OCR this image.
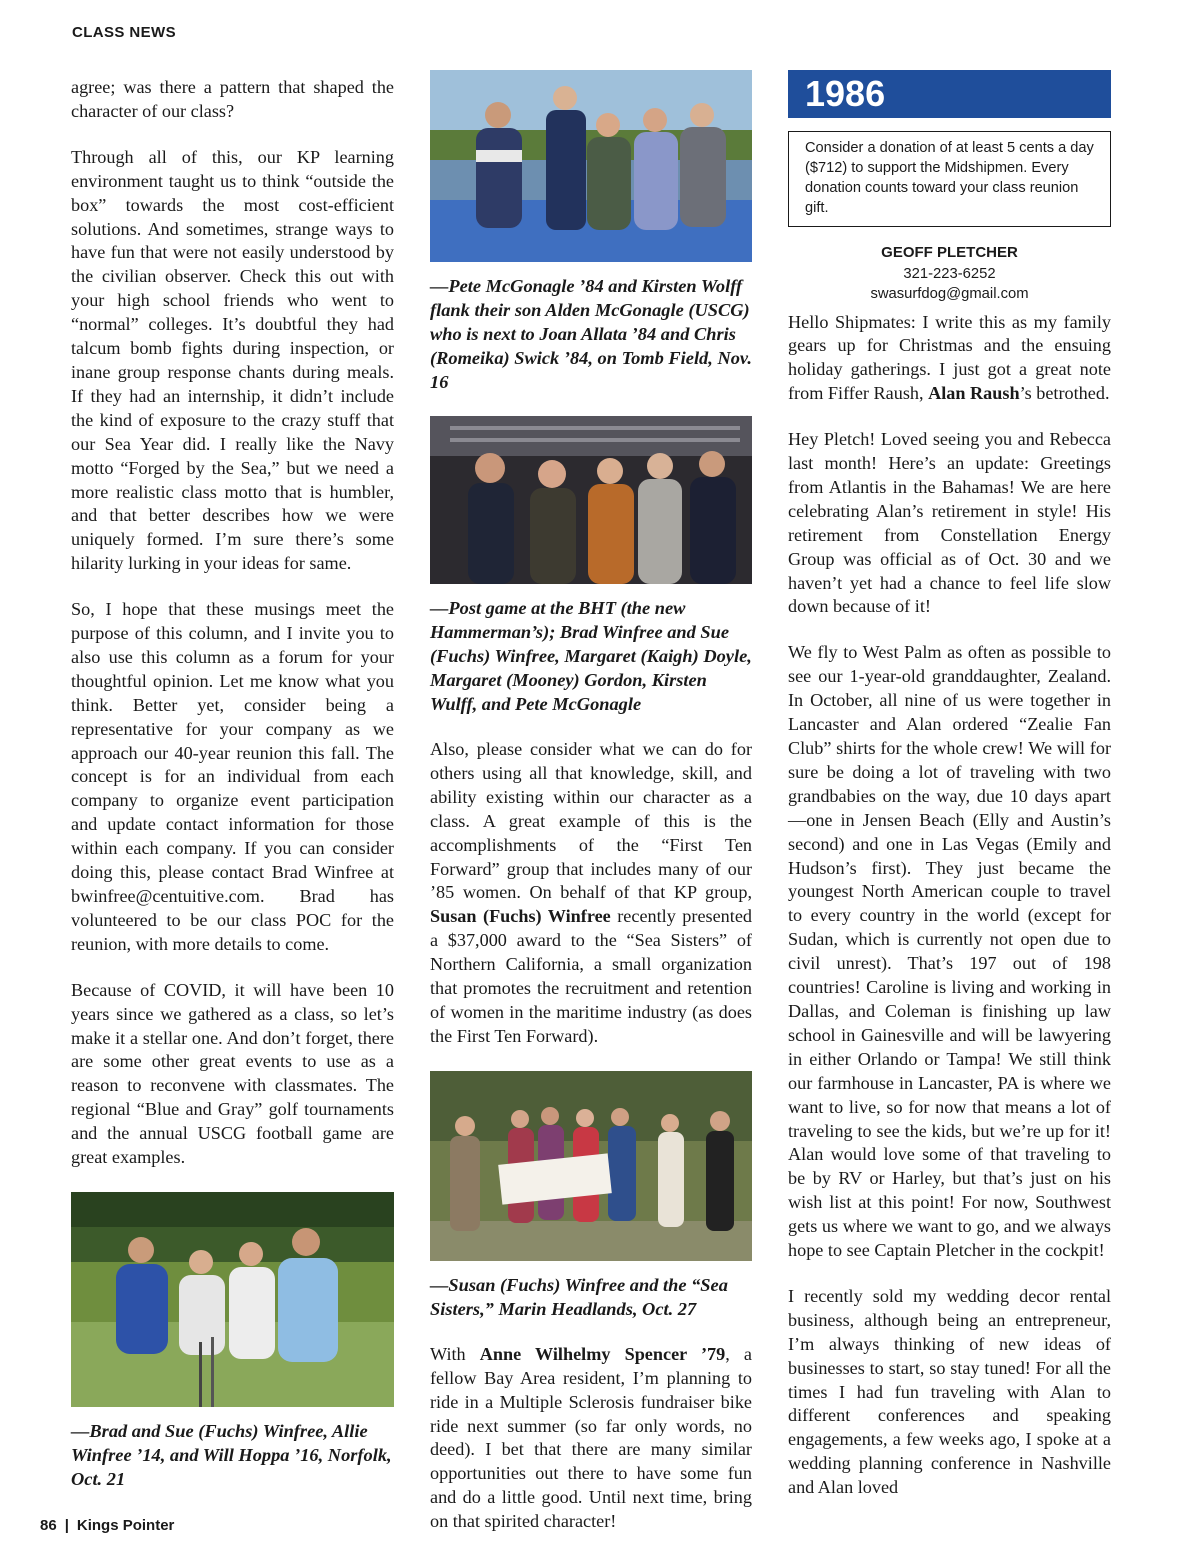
CLASS NEWS

agree; was there a pattern that shaped the character of our class?

Through all of this, our KP learning environment taught us to think “outside the box” towards the most cost-efficient solutions. And sometimes, strange ways to have fun that were not easily understood by the civilian observer. Check this out with your high school friends who went to “normal” colleges. It’s doubtful they had talcum bomb fights during inspection, or inane group response chants during meals. If they had an internship, it didn’t include the kind of exposure to the crazy stuff that our Sea Year did. I really like the Navy motto “Forged by the Sea,” but we need a more realistic class motto that is humbler, and that better describes how we were uniquely formed. I’m sure there’s some hilarity lurking in your ideas for same.

So, I hope that these musings meet the purpose of this column, and I invite you to also use this column as a forum for your thoughtful opinion. Let me know what you think. Better yet, consider being a representative for your company as we approach our 40-year reunion this fall. The concept is for an individual from each company to organize event participation and update contact information for those within each company. If you can consider doing this, please contact Brad Winfree at bwinfree@centuitive.com. Brad has volunteered to be our class POC for the reunion, with more details to come.

Because of COVID, it will have been 10 years since we gathered as a class, so let’s make it a stellar one. And don’t forget, there are some other great events to use as a reason to reconvene with classmates. The regional “Blue and Gray” golf tournaments and the annual USCG football game are great examples.

—Brad and Sue (Fuchs) Winfree, Allie Winfree ’14, and Will Hoppa ’16, Norfolk, Oct. 21
—Pete McGonagle ’84 and Kirsten Wolff flank their son Alden McGonagle (USCG) who is next to Joan Allata ’84 and Chris (Romeika) Swick ’84, on Tomb Field, Nov. 16
—Post game at the BHT (the new Hammerman’s); Brad Winfree and Sue (Fuchs) Winfree, Margaret (Kaigh) Doyle, Margaret (Mooney) Gordon, Kirsten Wulff, and Pete McGonagle

Also, please consider what we can do for others using all that knowledge, skill, and ability existing within our character as a class. A great example of this is the accomplishments of the “First Ten Forward” group that includes many of our ’85 women. On behalf of that KP group, Susan (Fuchs) Winfree recently presented a $37,000 award to the “Sea Sisters” of Northern California, a small organization that promotes the recruitment and retention of women in the maritime industry (as does the First Ten Forward).

—Susan (Fuchs) Winfree and the “Sea Sisters,” Marin Headlands, Oct. 27

With Anne Wilhelmy Spencer ’79, a fellow Bay Area resident, I’m planning to ride in a Multiple Sclerosis fundraiser bike ride next summer (so far only words, no deed). I bet that there are many similar opportunities out there to have some fun and do a little good. Until next time, bring on that spirited character!

1986
Consider a donation of at least 5 cents a day ($712) to support the Midshipmen. Every donation counts toward your class reunion gift.
GEOFF PLETCHER
321-223-6252
swasurfdog@gmail.com

Hello Shipmates: I write this as my family gears up for Christmas and the ensuing holiday gatherings. I just got a great note from Fiffer Raush, Alan Raush’s betrothed.

Hey Pletch! Loved seeing you and Rebecca last month! Here’s an update: Greetings from Atlantis in the Bahamas! We are here celebrating Alan’s retirement in style! His retirement from Constellation Energy Group was official as of Oct. 30 and we haven’t yet had a chance to feel life slow down because of it!

We fly to West Palm as often as possible to see our 1-year-old granddaughter, Zealand. In October, all nine of us were together in Lancaster and Alan ordered “Zealie Fan Club” shirts for the whole crew! We will for sure be doing a lot of traveling with two grandbabies on the way, due 10 days apart—one in Jensen Beach (Elly and Austin’s second) and one in Las Vegas (Emily and Hudson’s first). They just became the youngest North American couple to travel to every country in the world (except for Sudan, which is currently not open due to civil unrest). That’s 197 out of 198 countries! Caroline is living and working in Dallas, and Coleman is finishing up law school in Gainesville and will be lawyering in either Orlando or Tampa! We still think our farmhouse in Lancaster, PA is where we want to live, so for now that means a lot of traveling to see the kids, but we’re up for it! Alan would love some of that traveling to be by RV or Harley, but that’s just on his wish list at this point! For now, Southwest gets us where we want to go, and we always hope to see Captain Pletcher in the cockpit!

I recently sold my wedding decor rental business, although being an entrepreneur, I’m always thinking of new ideas of businesses to start, so stay tuned! For all the times I had fun traveling with Alan to different conferences and speaking engagements, a few weeks ago, I spoke at a wedding planning conference in Nashville and Alan loved

86 | Kings Pointer
